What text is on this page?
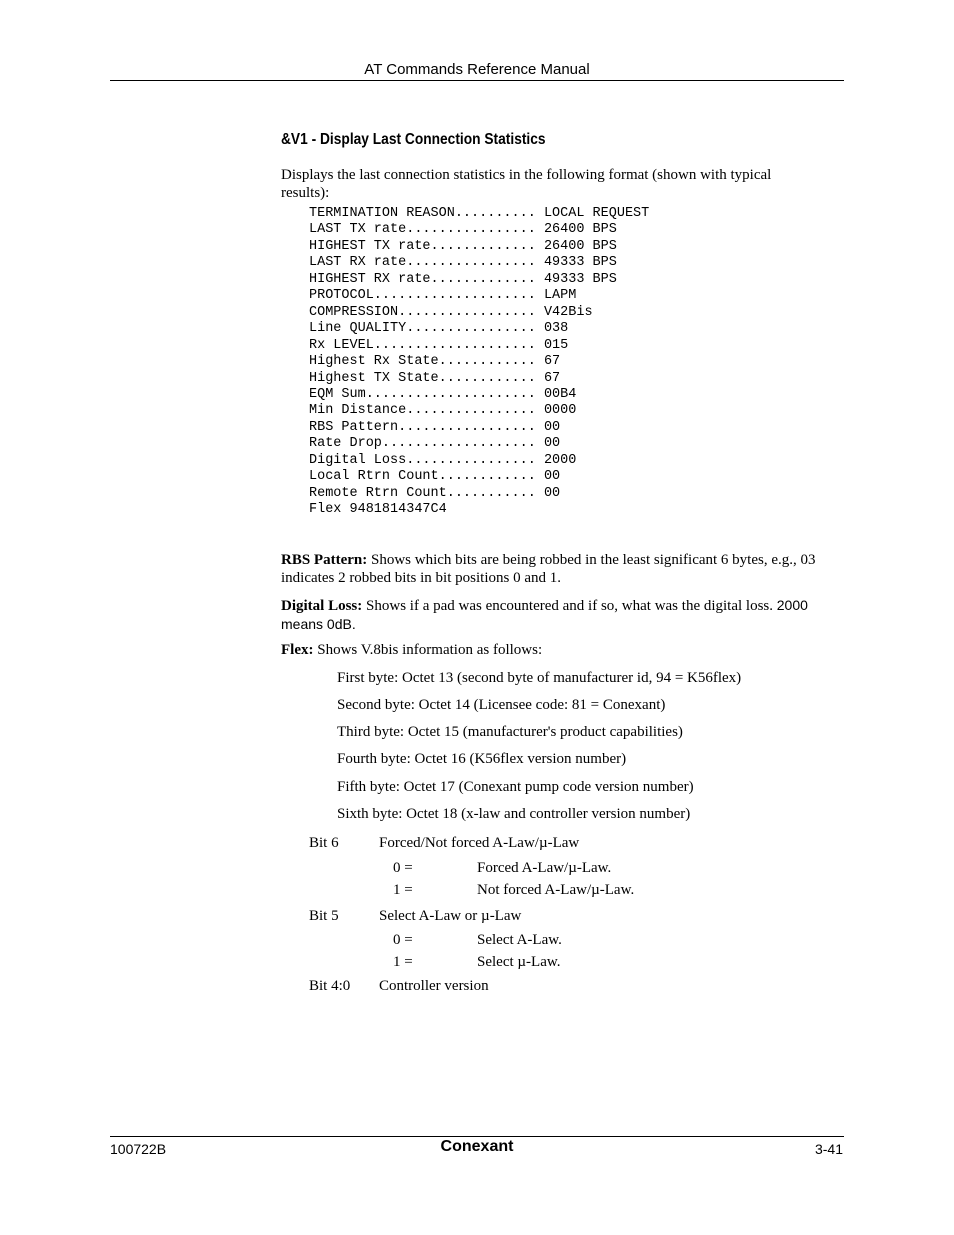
AT Commands Reference Manual
&V1 - Display Last Connection Statistics
Displays the last connection statistics in the following format (shown with typical results):
TERMINATION REASON.......... LOCAL REQUEST
LAST TX rate................ 26400 BPS
HIGHEST TX rate............. 26400 BPS
LAST RX rate................ 49333 BPS
HIGHEST RX rate............. 49333 BPS
PROTOCOL.................... LAPM
COMPRESSION................. V42Bis
Line QUALITY................ 038
Rx LEVEL.................... 015
Highest Rx State............ 67
Highest TX State............ 67
EQM Sum..................... 00B4
Min Distance................ 0000
RBS Pattern................. 00
Rate Drop................... 00
Digital Loss................ 2000
Local Rtrn Count............ 00
Remote Rtrn Count........... 00
Flex 9481814347C4
RBS Pattern: Shows which bits are being robbed in the least significant 6 bytes, e.g., 03 indicates 2 robbed bits in bit positions 0 and 1.
Digital Loss: Shows if a pad was encountered and if so, what was the digital loss. 2000 means 0dB.
Flex: Shows V.8bis information as follows:
First byte: Octet 13 (second byte of manufacturer id, 94 = K56flex)
Second byte: Octet 14 (Licensee code: 81 = Conexant)
Third byte: Octet 15 (manufacturer's product capabilities)
Fourth byte: Octet 16 (K56flex version number)
Fifth byte: Octet 17 (Conexant pump code version number)
Sixth byte: Octet 18 (x-law and controller version number)
Bit 6	Forced/Not forced A-Law/µ-Law
0 =	Forced A-Law/µ-Law.
1 =	Not forced A-Law/µ-Law.
Bit 5	Select A-Law or µ-Law
0 =	Select A-Law.
1 =	Select µ-Law.
Bit 4:0 Controller version
100722B	Conexant	3-41
